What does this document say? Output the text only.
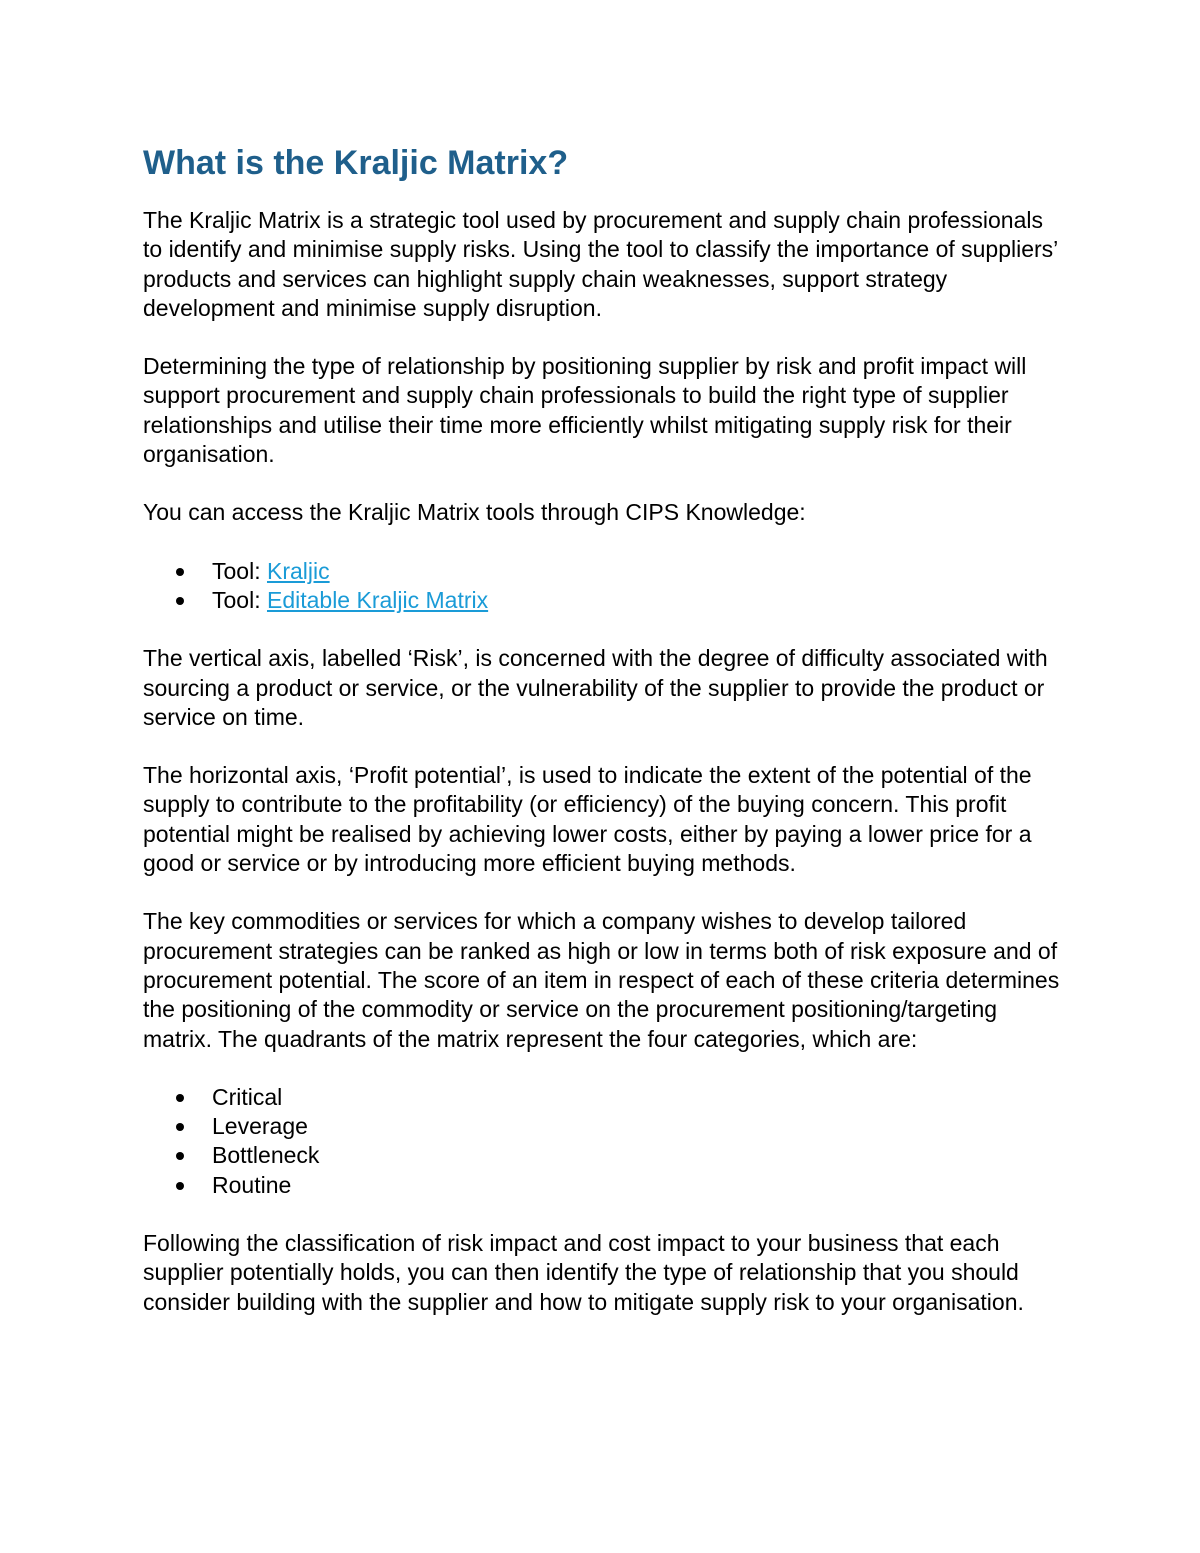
What is the Kraljic Matrix?

The Kraljic Matrix is a strategic tool used by procurement and supply chain professionals to identify and minimise supply risks. Using the tool to classify the importance of suppliers’ products and services can highlight supply chain weaknesses, support strategy development and minimise supply disruption.

Determining the type of relationship by positioning supplier by risk and profit impact will support procurement and supply chain professionals to build the right type of supplier relationships and utilise their time more efficiently whilst mitigating supply risk for their organisation.

You can access the Kraljic Matrix tools through CIPS Knowledge:

Tool: Kraljic
Tool: Editable Kraljic Matrix

The vertical axis, labelled ‘Risk’, is concerned with the degree of difficulty associated with sourcing a product or service, or the vulnerability of the supplier to provide the product or service on time.

The horizontal axis, ‘Profit potential’, is used to indicate the extent of the potential of the supply to contribute to the profitability (or efficiency) of the buying concern. This profit potential might be realised by achieving lower costs, either by paying a lower price for a good or service or by introducing more efficient buying methods.

The key commodities or services for which a company wishes to develop tailored procurement strategies can be ranked as high or low in terms both of risk exposure and of procurement potential. The score of an item in respect of each of these criteria determines the positioning of the commodity or service on the procurement positioning/targeting matrix. The quadrants of the matrix represent the four categories, which are:

Critical
Leverage
Bottleneck
Routine

Following the classification of risk impact and cost impact to your business that each supplier potentially holds, you can then identify the type of relationship that you should consider building with the supplier and how to mitigate supply risk to your organisation.
